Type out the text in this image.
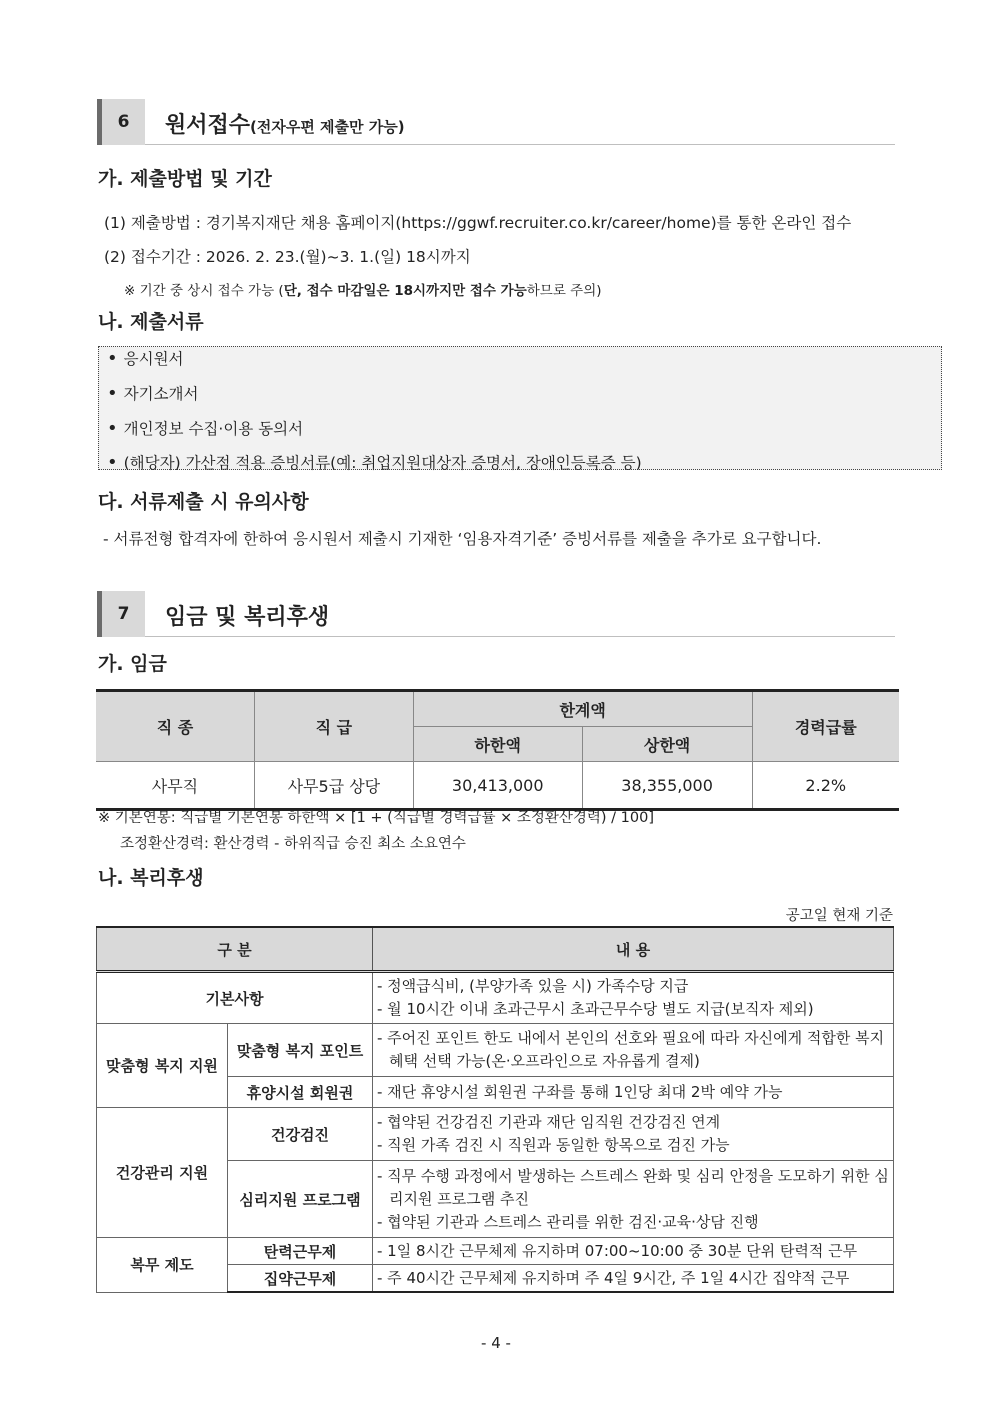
6	원서접수(전자우편 제출만 가능)
가. 제출방법 및 기간
(1) 제출방법 : 경기복지재단 채용 홈페이지(https://ggwf.recruiter.co.kr/career/home)를 통한 온라인 접수
(2) 접수기간 : 2026. 2. 23.(월)~3. 1.(일) 18시까지
※ 기간 중 상시 접수 가능 (단, 접수 마감일은 18시까지만 접수 가능하므로 주의)
나. 제출서류
• 응시원서
• 자기소개서
• 개인정보 수집·이용 동의서
• (해당자) 가산점 적용 증빙서류(예: 취업지원대상자 증명서, 장애인등록증 등)
다. 서류제출 시 유의사항
- 서류전형 합격자에 한하여 응시원서 제출시 기재한 ‘임용자격기준’ 증빙서류를 제출을 추가로 요구합니다.
7	임금 및 복리후생
가. 임금
직 종	직 급	한계액		경력급률
		하한액	상한액	
사무직	사무5급 상당	30,413,000	38,355,000	2.2%
※ 기본연봉: 직급별 기본연봉 하한액 × [1 + (직급별 경력급률 × 조정환산경력) / 100]
조정환산경력: 환산경력 - 하위직급 승진 최소 소요연수
나. 복리후생
공고일 현재 기준
구 분		내 용
기본사항		- 정액급식비, (부양가족 있을 시) 가족수당 지급
- 월 10시간 이내 초과근무시 초과근무수당 별도 지급(보직자 제외)

맞춤형 복지 지원	맞춤형 복지 포인트	- 주어진 포인트 한도 내에서 본인의 선호와 필요에 따라 자신에게 적합한 복지 혜택 선택 가능(온·오프라인으로 자유롭게 결제)

	휴양시설 회원권	- 재단 휴양시설 회원권 구좌를 통해 1인당 최대 2박 예약 가능

건강관리 지원	건강검진	- 협약된 건강검진 기관과 재단 임직원 건강검진 연계
- 직원 가족 검진 시 직원과 동일한 항목으로 검진 가능

	심리지원 프로그램	- 직무 수행 과정에서 발생하는 스트레스 완화 및 심리 안정을 도모하기 위한 심리지원 프로그램 추진
- 협약된 기관과 스트레스 관리를 위한 검진·교육·상담 진행

복무 제도	탄력근무제	- 1일 8시간 근무체제 유지하며 07:00~10:00 중 30분 단위 탄력적 근무

	집약근무제	- 주 40시간 근무체제 유지하며 주 4일 9시간, 주 1일 4시간 집약적 근무
- 4 -
